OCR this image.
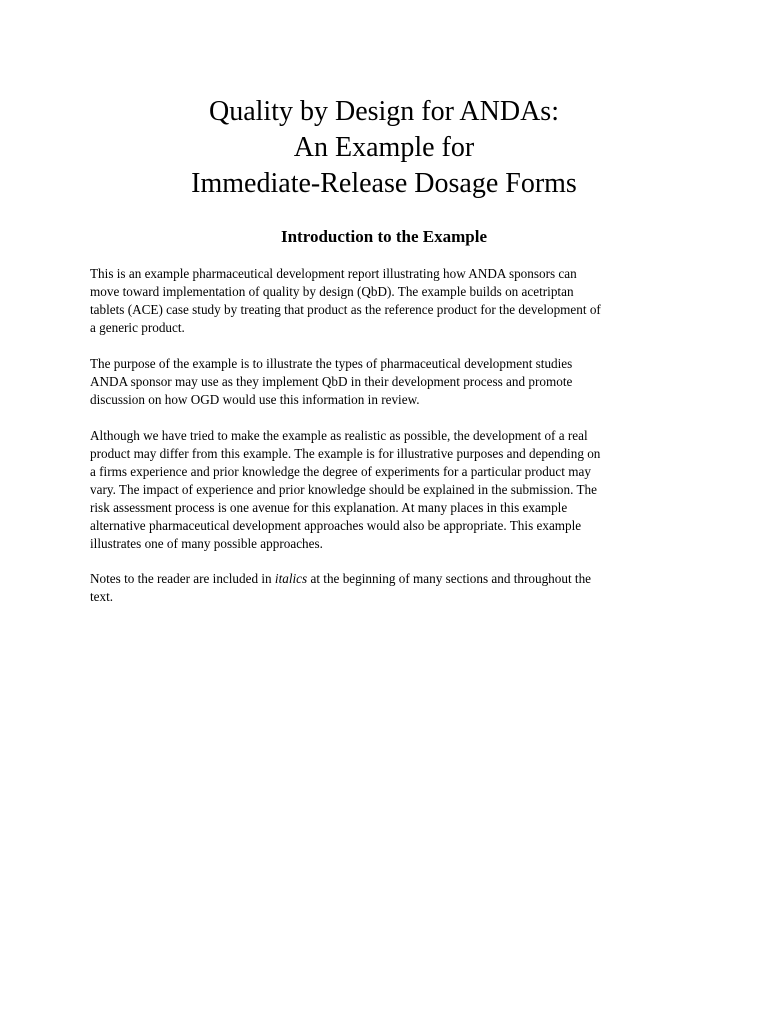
Quality by Design for ANDAs:
An Example for
Immediate-Release Dosage Forms
Introduction to the Example

This is an example pharmaceutical development report illustrating how ANDA sponsors can
move toward implementation of quality by design (QbD). The example builds on acetriptan
tablets (ACE) case study by treating that product as the reference product for the development of
a generic product.

The purpose of the example is to illustrate the types of pharmaceutical development studies
ANDA sponsor may use as they implement QbD in their development process and promote
discussion on how OGD would use this information in review.

Although we have tried to make the example as realistic as possible, the development of a real
product may differ from this example. The example is for illustrative purposes and depending on
a firms experience and prior knowledge the degree of experiments for a particular product may
vary. The impact of experience and prior knowledge should be explained in the submission. The
risk assessment process is one avenue for this explanation. At many places in this example
alternative pharmaceutical development approaches would also be appropriate. This example
illustrates one of many possible approaches.

Notes to the reader are included in italics at the beginning of many sections and throughout the
text.
